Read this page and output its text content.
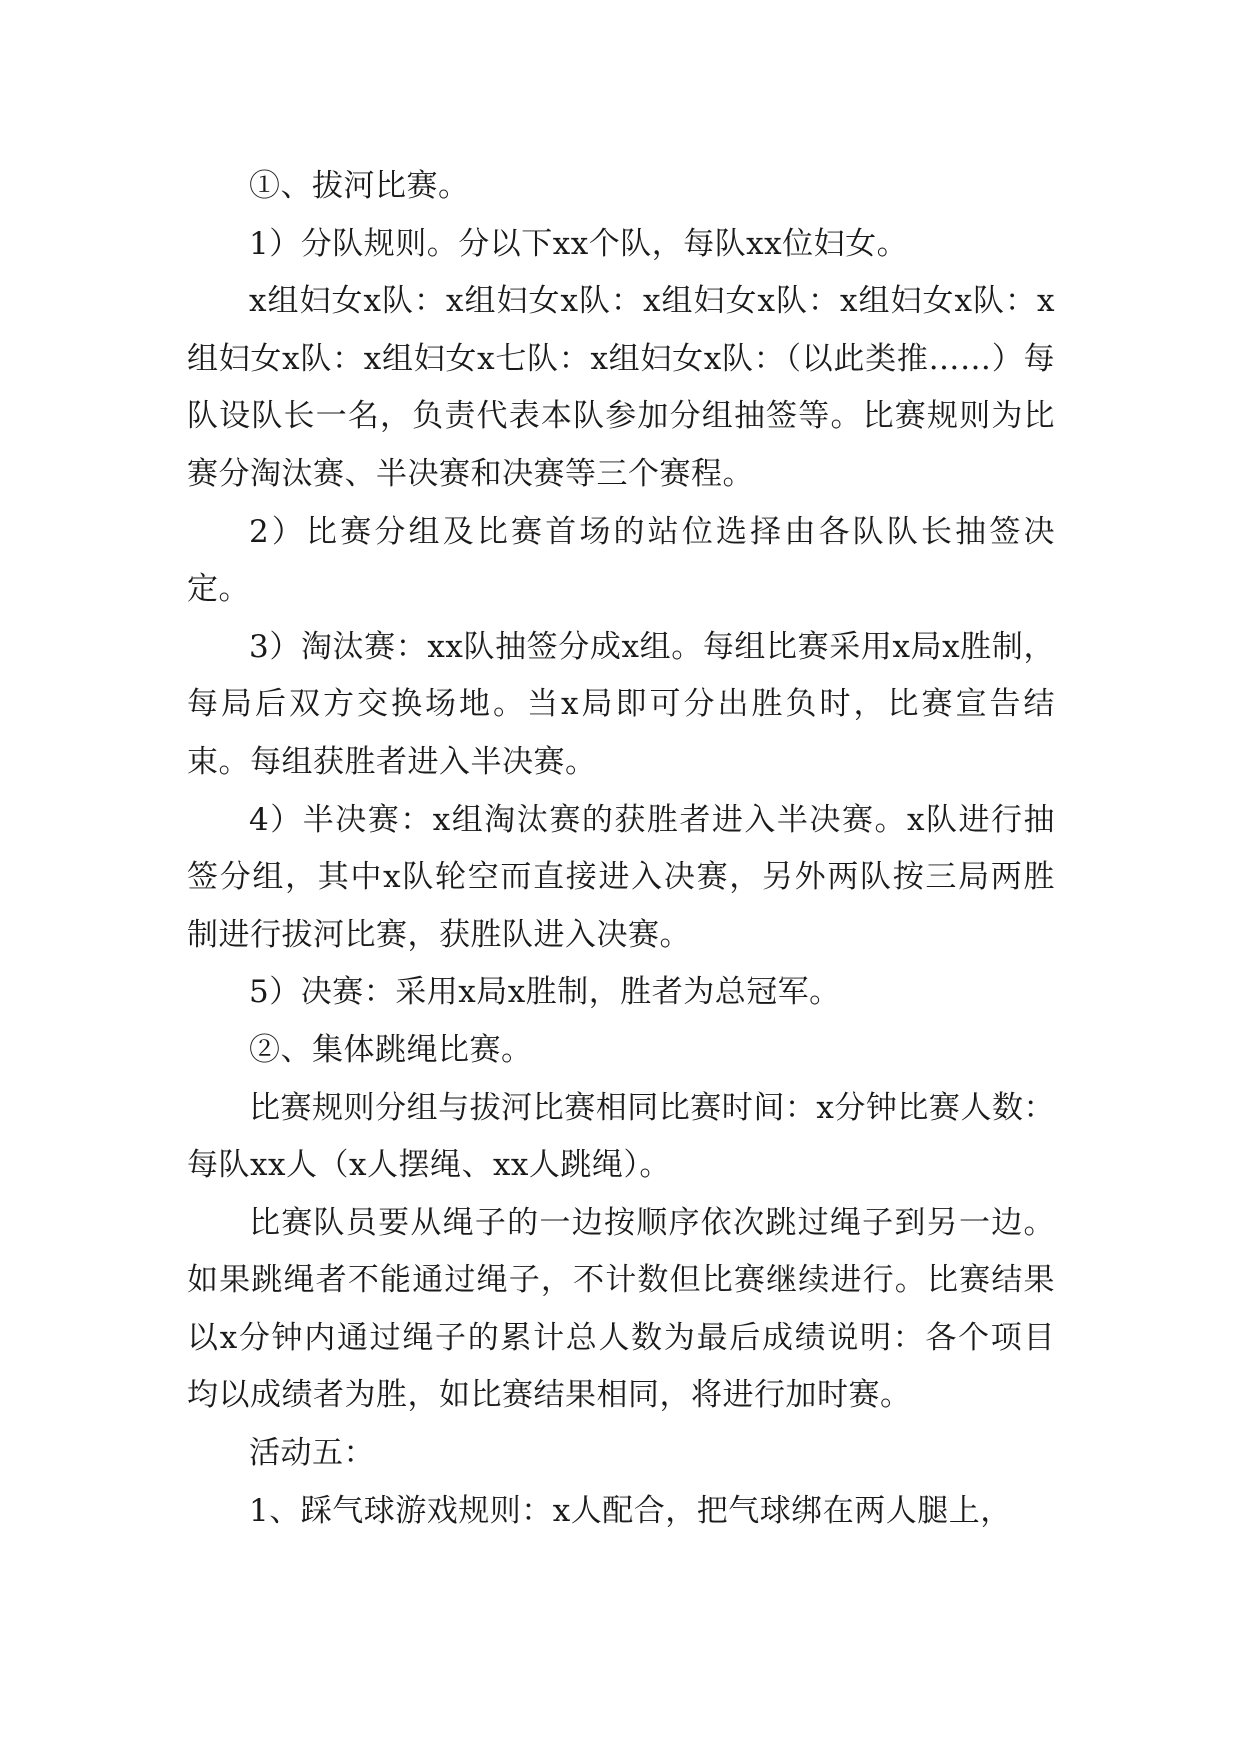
①、拔河比赛。

1）分队规则。分以下xx个队，每队xx位妇女。

x组妇女x队：x组妇女x队：x组妇女x队：x组妇女x队：x组妇女x队：x组妇女x七队：x组妇女x队：（以此类推……）每队设队长一名，负责代表本队参加分组抽签等。比赛规则为比赛分淘汰赛、半决赛和决赛等三个赛程。

2）比赛分组及比赛首场的站位选择由各队队长抽签决定。

3）淘汰赛：xx队抽签分成x组。每组比赛采用x局x胜制，每局后双方交换场地。当x局即可分出胜负时，比赛宣告结束。每组获胜者进入半决赛。

4）半决赛：x组淘汰赛的获胜者进入半决赛。x队进行抽签分组，其中x队轮空而直接进入决赛，另外两队按三局两胜制进行拔河比赛，获胜队进入决赛。

5）决赛：采用x局x胜制，胜者为总冠军。

②、集体跳绳比赛。

比赛规则分组与拔河比赛相同比赛时间：x分钟比赛人数：每队xx人（x人摆绳、xx人跳绳）。

比赛队员要从绳子的一边按顺序依次跳过绳子到另一边。如果跳绳者不能通过绳子，不计数但比赛继续进行。比赛结果以x分钟内通过绳子的累计总人数为最后成绩说明：各个项目均以成绩者为胜，如比赛结果相同，将进行加时赛。

活动五：

1、踩气球游戏规则：x人配合，把气球绑在两人腿上，
